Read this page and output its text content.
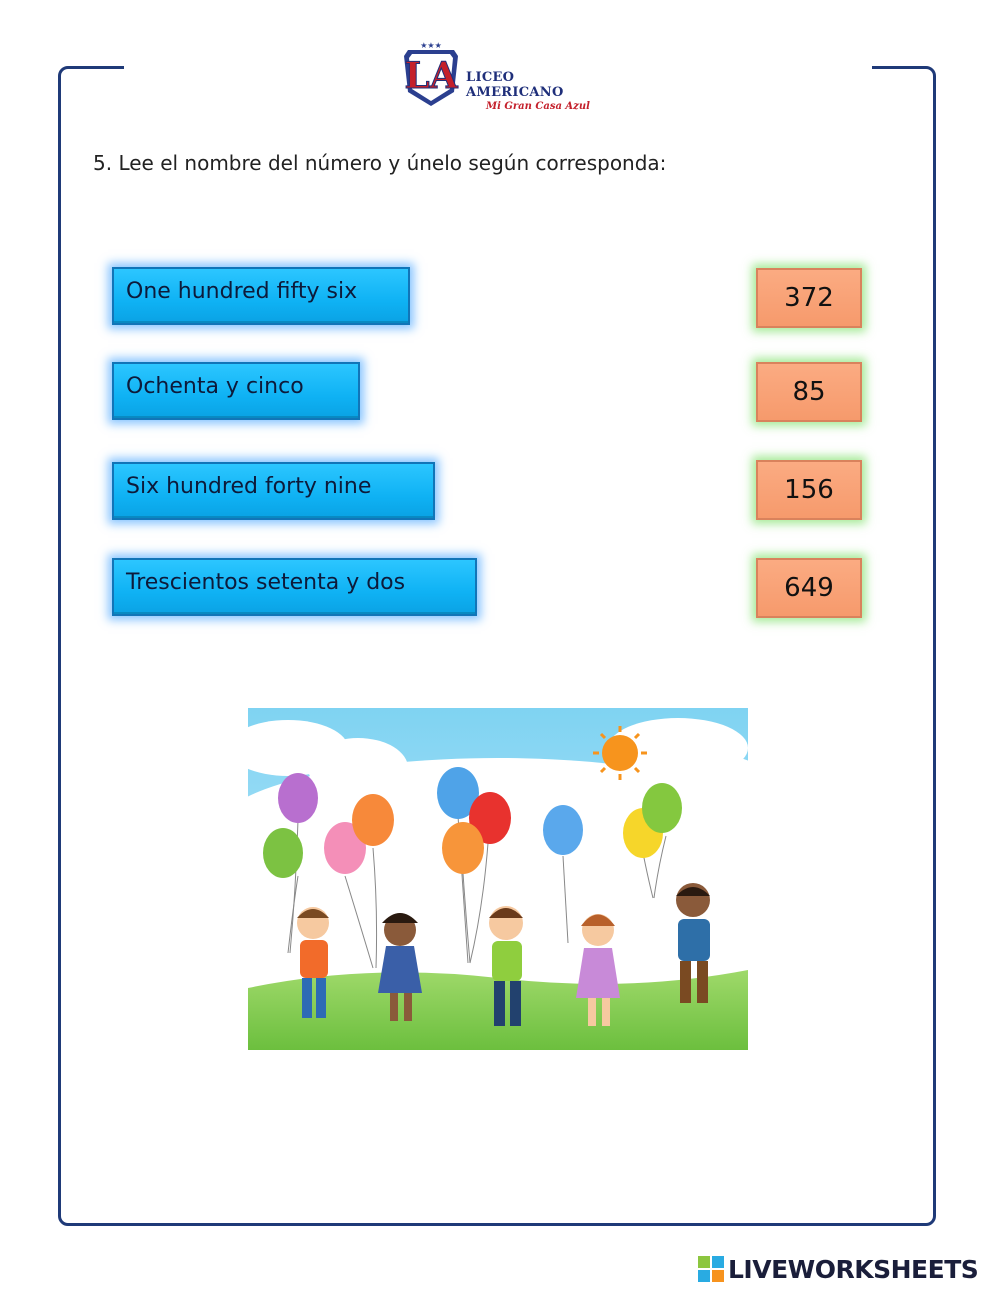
LA
★★★
LICEO AMERICANO
Mi Gran Casa Azul
5. Lee el nombre del número y únelo según corresponda:
One hundred fifty six
Ochenta y cinco
Six hundred forty nine
Trescientos setenta y dos
372
85
156
649
LIVEWORKSHEETS
